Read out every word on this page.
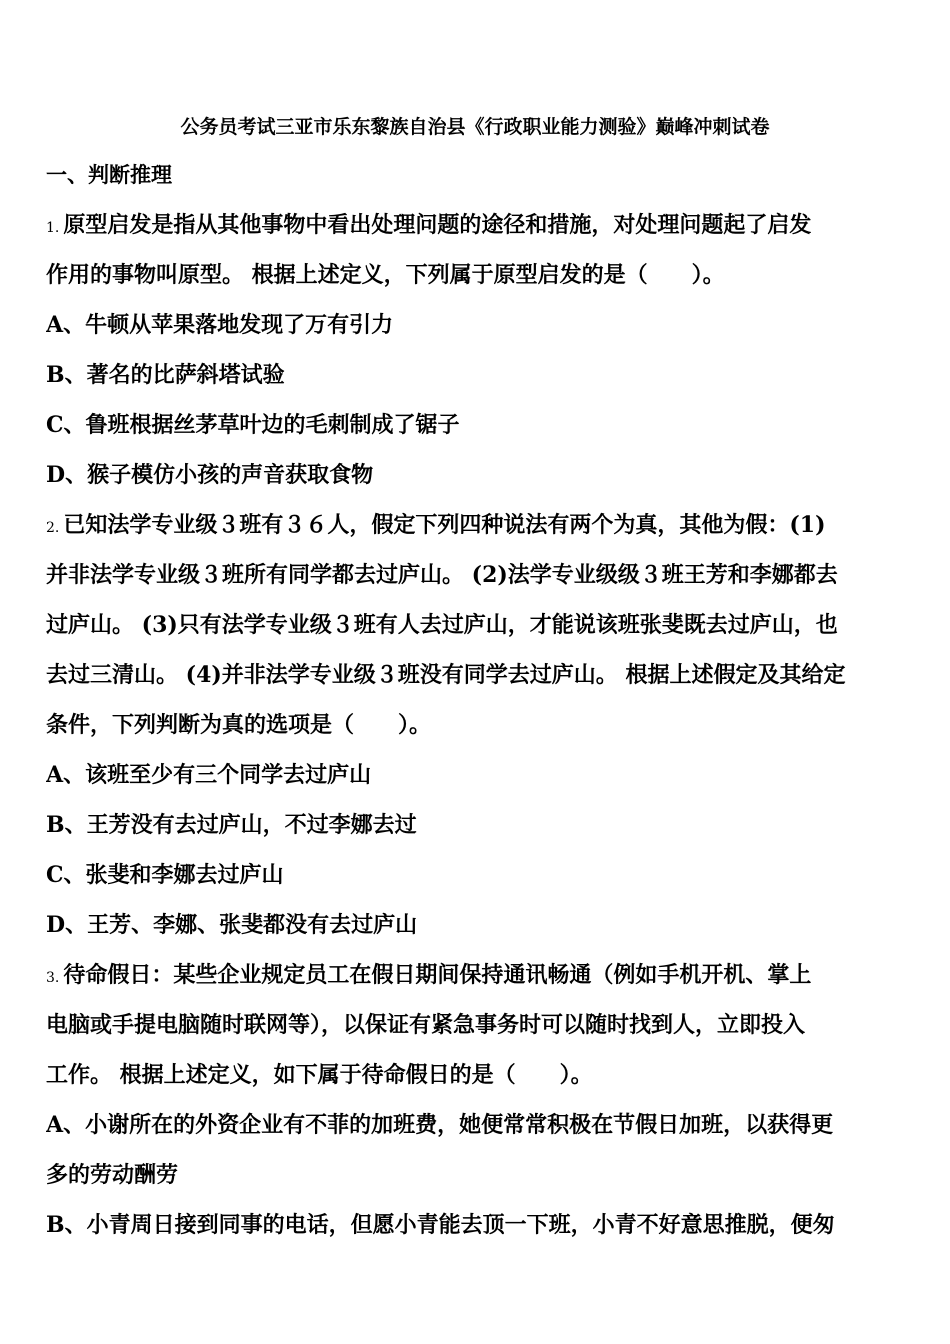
公务员考试三亚市乐东黎族自治县《行政职业能力测验》巅峰冲刺试卷
一、判断推理
1. 原型启发是指从其他事物中看出处理问题的途径和措施，对处理问题起了启发
作用的事物叫原型。 根据上述定义，下列属于原型启发的是（　　）。
A、牛顿从苹果落地发现了万有引力
B、著名的比萨斜塔试验
C、鲁班根据丝茅草叶边的毛刺制成了锯子
D、猴子模仿小孩的声音获取食物
2. 已知法学专业级３班有３６人，假定下列四种说法有两个为真，其他为假：(1)
并非法学专业级３班所有同学都去过庐山。 (2)法学专业级级３班王芳和李娜都去
过庐山。 (3)只有法学专业级３班有人去过庐山，才能说该班张斐既去过庐山，也
去过三清山。 (4)并非法学专业级３班没有同学去过庐山。 根据上述假定及其给定
条件，下列判断为真的选项是（　　）。
A、该班至少有三个同学去过庐山
B、王芳没有去过庐山，不过李娜去过
C、张斐和李娜去过庐山
D、王芳、李娜、张斐都没有去过庐山
3. 待命假日：某些企业规定员工在假日期间保持通讯畅通（例如手机开机、掌上
电脑或手提电脑随时联网等），以保证有紧急事务时可以随时找到人，立即投入
工作。 根据上述定义，如下属于待命假日的是（　　）。
A、小谢所在的外资企业有不菲的加班费，她便常常积极在节假日加班，以获得更
多的劳动酬劳
B、小青周日接到同事的电话，但愿小青能去顶一下班，小青不好意思推脱，便匆
